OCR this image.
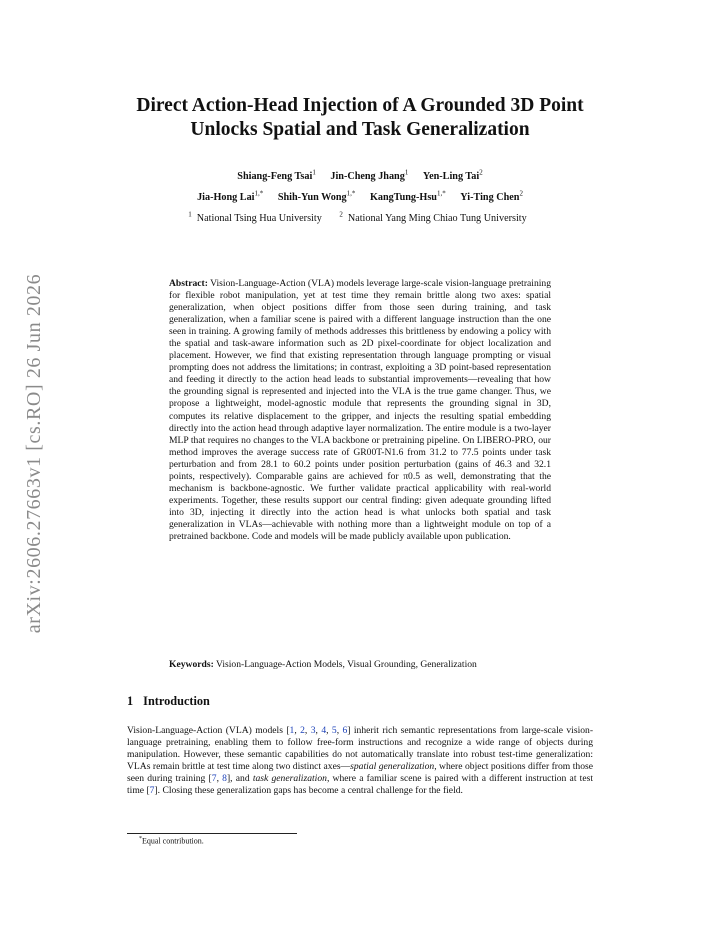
arXiv:2606.27663v1 [cs.RO] 26 Jun 2026
Direct Action-Head Injection of A Grounded 3D Point Unlocks Spatial and Task Generalization
Shiang-Feng Tsai$^1$ Jin-Cheng Jhang$^1$ Yen-Ling Tai$^2$
Jia-Hong Lai$^{1,*}$ Shih-Yun Wong$^{1,*}$ KangTung-Hsu$^{1,*}$ Yi-Ting Chen$^2$
$^1$ National Tsing Hua University	$^2$ National Yang Ming Chiao Tung University
Abstract: Vision-Language-Action (VLA) models leverage large-scale vision-language pretraining for flexible robot manipulation, yet at test time they remain brittle along two axes: spatial generalization, when object positions differ from those seen during training, and task generalization, when a familiar scene is paired with a different language instruction than the one seen in training. A growing family of methods addresses this brittleness by endowing a policy with the spatial and task-aware information such as 2D pixel-coordinate for object localization and placement. However, we find that existing representation through language prompting or visual prompting does not address the limitations; in contrast, exploiting a 3D point-based representation and feeding it directly to the action head leads to substantial improvements—revealing that how the grounding signal is represented and injected into the VLA is the true game changer. Thus, we propose a lightweight, model-agnostic module that represents the grounding signal in 3D, computes its relative displacement to the gripper, and injects the resulting spatial embedding directly into the action head through adaptive layer normalization. The entire module is a two-layer MLP that requires no changes to the VLA backbone or pretraining pipeline. On LIBERO-PRO, our method improves the average success rate of GR00T-N1.6 from 31.2 to 77.5 points under task perturbation and from 28.1 to 60.2 points under position perturbation (gains of 46.3 and 32.1 points, respectively). Comparable gains are achieved for π0.5 as well, demonstrating that the mechanism is backbone-agnostic. We further validate practical applicability with real-world experiments. Together, these results support our central finding: given adequate grounding lifted into 3D, injecting it directly into the action head is what unlocks both spatial and task generalization in VLAs—achievable with nothing more than a lightweight module on top of a pretrained backbone. Code and models will be made publicly available upon publication.
Keywords: Vision-Language-Action Models, Visual Grounding, Generalization
1 Introduction
Vision-Language-Action (VLA) models [1, 2, 3, 4, 5, 6] inherit rich semantic representations from large-scale vision-language pretraining, enabling them to follow free-form instructions and recognize a wide range of objects during manipulation. However, these semantic capabilities do not automatically translate into robust test-time generalization: VLAs remain brittle at test time along two distinct axes—spatial generalization, where object positions differ from those seen during training [7, 8], and task generalization, where a familiar scene is paired with a different instruction at test time [7]. Closing these generalization gaps has become a central challenge for the field.
*Equal contribution.
